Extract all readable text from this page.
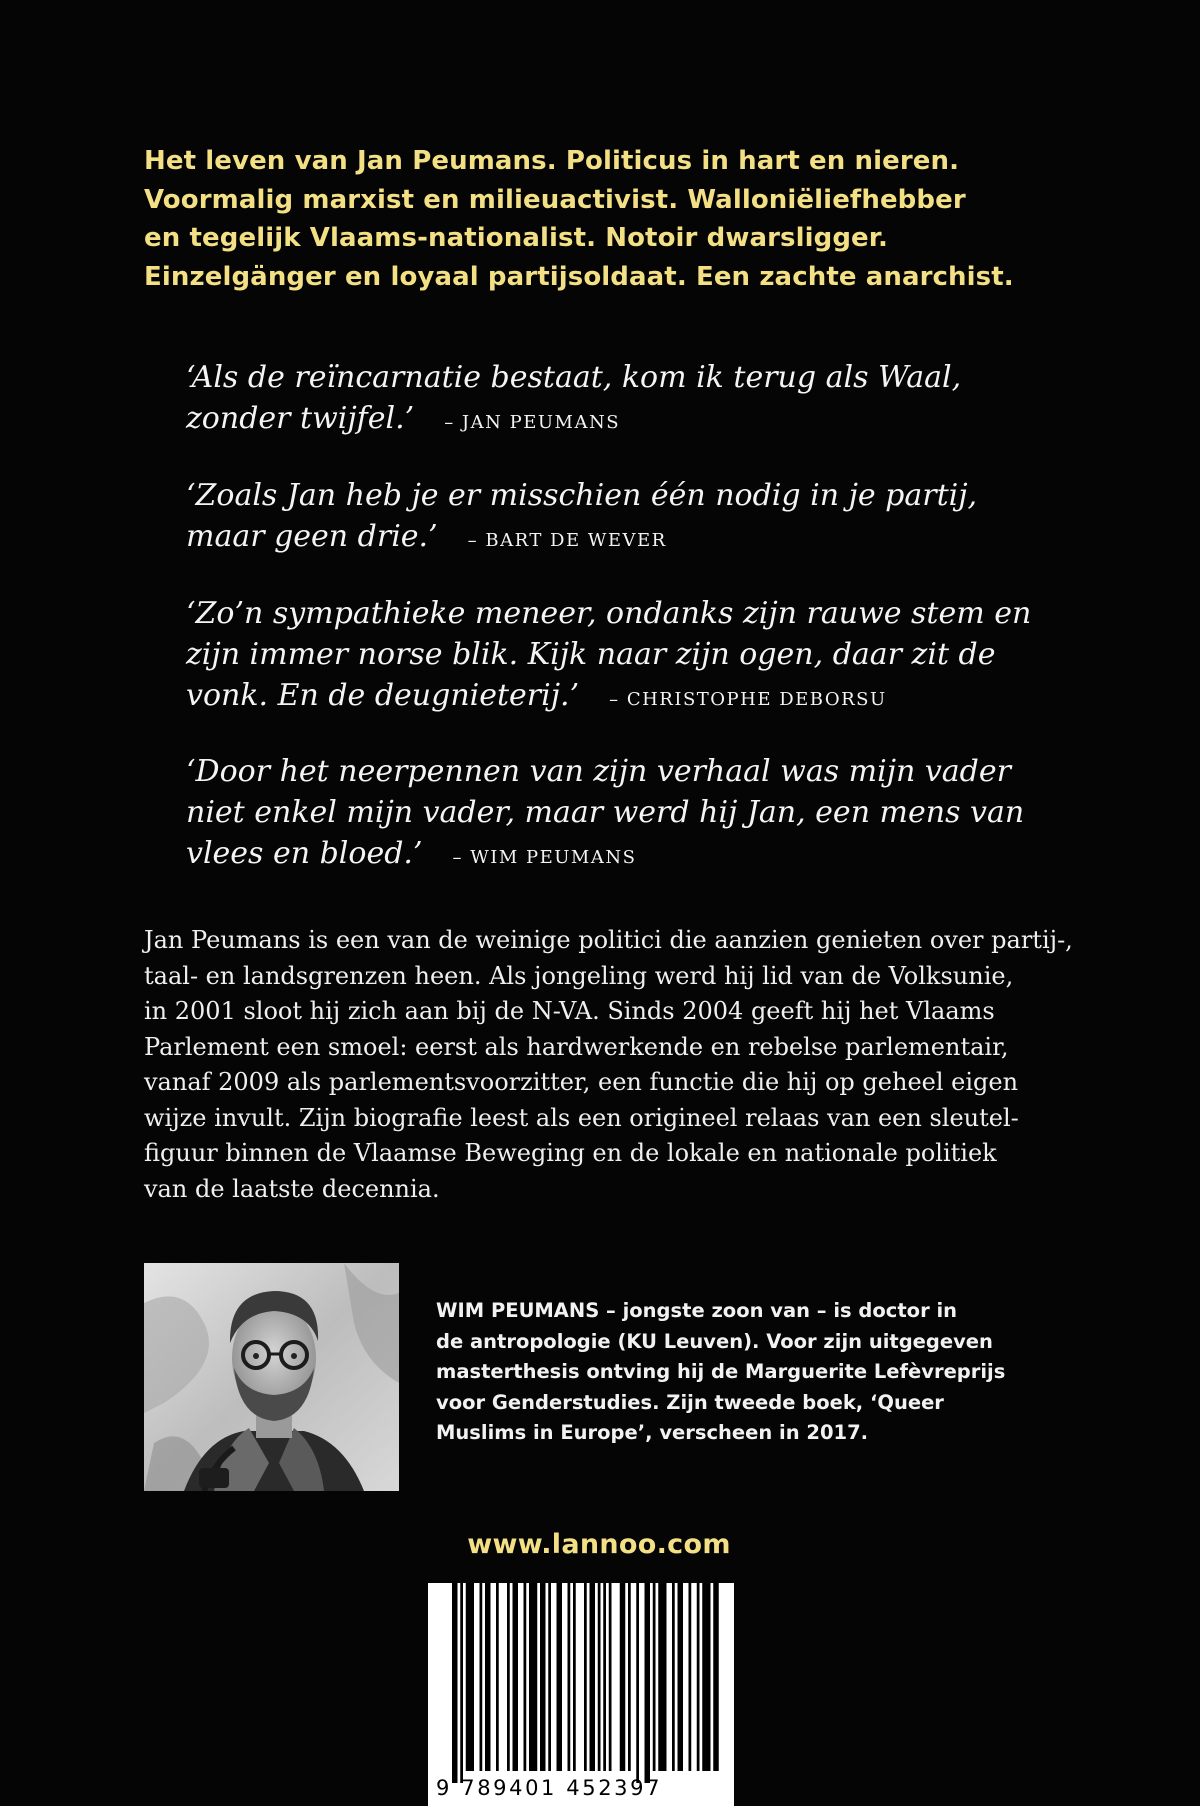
Het leven van Jan Peumans. Politicus in hart en nieren.
Voormalig marxist en milieuactivist. Walloniëliefhebber
en tegelijk Vlaams-nationalist. Notoir dwarsligger.
Einzelgänger en loyaal partijsoldaat. Een zachte anarchist.
‘Als de reïncarnatie bestaat, kom ik terug als Waal,
zonder twijfel.’ – JAN PEUMANS
‘Zoals Jan heb je er misschien één nodig in je partij,
maar geen drie.’ – BART DE WEVER
‘Zo’n sympathieke meneer, ondanks zijn rauwe stem en
zijn immer norse blik. Kijk naar zijn ogen, daar zit de
vonk. En de deugnieterij.’ – CHRISTOPHE DEBORSU
‘Door het neerpennen van zijn verhaal was mijn vader
niet enkel mijn vader, maar werd hij Jan, een mens van
vlees en bloed.’ – WIM PEUMANS
Jan Peumans is een van de weinige politici die aanzien genieten over partij-,
taal- en landsgrenzen heen. Als jongeling werd hij lid van de Volksunie,
in 2001 sloot hij zich aan bij de N-VA. Sinds 2004 geeft hij het Vlaams
Parlement een smoel: eerst als hardwerkende en rebelse parlementair,
vanaf 2009 als parlementsvoorzitter, een functie die hij op geheel eigen
wijze invult. Zijn biografie leest als een origineel relaas van een sleutel-
figuur binnen de Vlaamse Beweging en de lokale en nationale politiek
van de laatste decennia.
WIM PEUMANS – jongste zoon van – is doctor in
de antropologie (KU Leuven). Voor zijn uitgegeven
masterthesis ontving hij de Marguerite Lefèvreprijs
voor Genderstudies. Zijn tweede boek, ‘Queer
Muslims in Europe’, verscheen in 2017.

www.lannoo.com

9 789401 452397
